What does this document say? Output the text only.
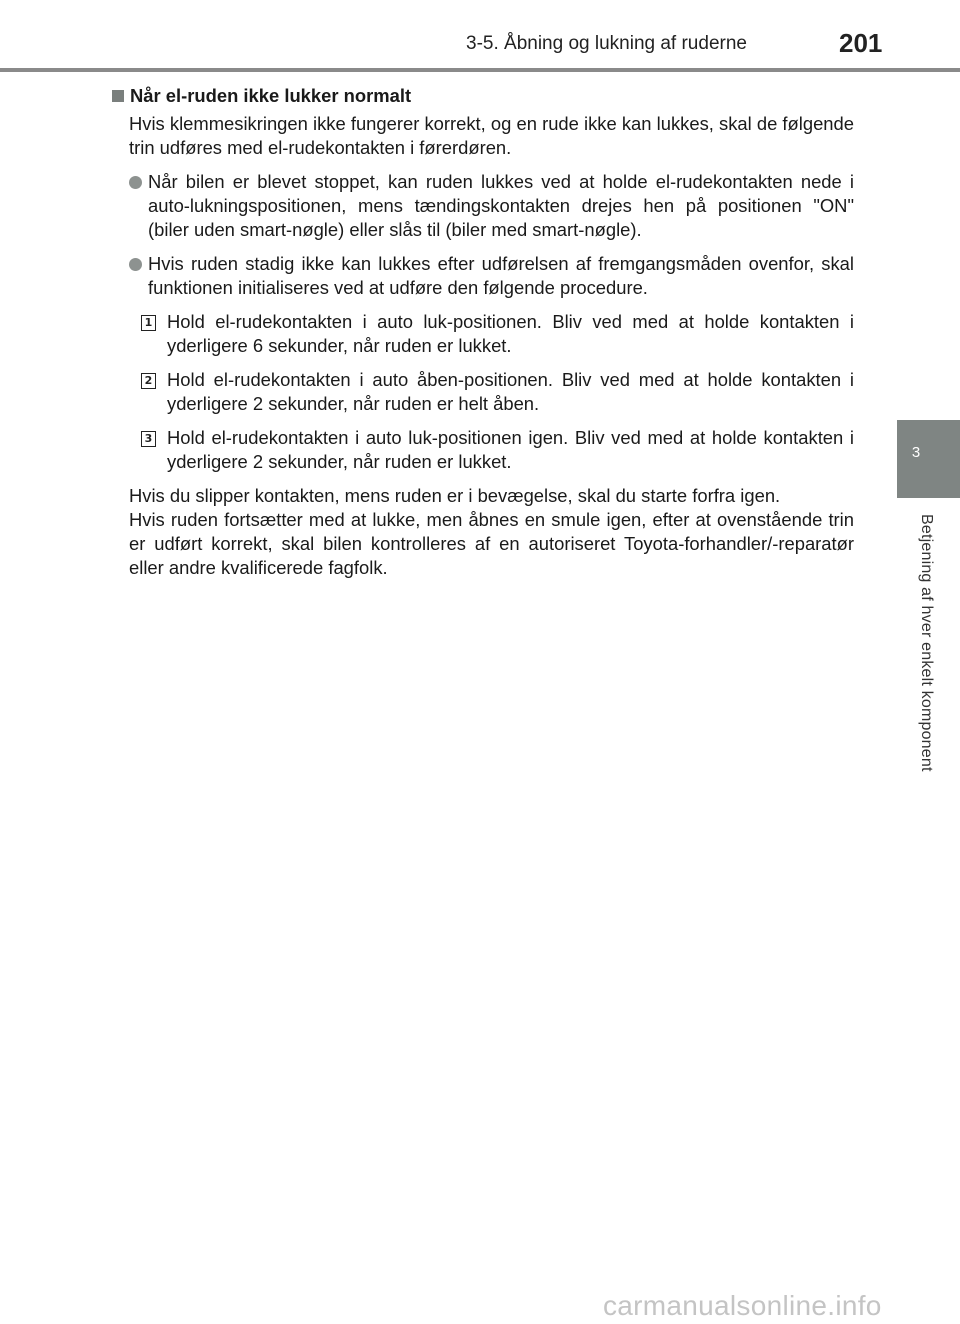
3-5. Åbning og lukning af ruderne	201
3
Betjening af hver enkelt komponent
Når el-ruden ikke lukker normalt

Hvis klemmesikringen ikke fungerer korrekt, og en rude ikke kan lukkes, skal de følgende trin udføres med el-rudekontakten i førerdøren.

Når bilen er blevet stoppet, kan ruden lukkes ved at holde el-rudekontakten nede i auto-lukningspositionen, mens tændingskontakten drejes hen på positionen "ON" (biler uden smart-nøgle) eller slås til (biler med smart-nøgle).
Hvis ruden stadig ikke kan lukkes efter udførelsen af fremgangsmåden ovenfor, skal funktionen initialiseres ved at udføre den følgende procedure.
1 Hold el-rudekontakten i auto luk-positionen. Bliv ved med at holde kontakten i yderligere 6 sekunder, når ruden er lukket.
2 Hold el-rudekontakten i auto åben-positionen. Bliv ved med at holde kontakten i yderligere 2 sekunder, når ruden er helt åben.
3 Hold el-rudekontakten i auto luk-positionen igen. Bliv ved med at holde kontakten i yderligere 2 sekunder, når ruden er lukket.
Hvis du slipper kontakten, mens ruden er i bevægelse, skal du starte forfra igen.
Hvis ruden fortsætter med at lukke, men åbnes en smule igen, efter at ovenstående trin er udført korrekt, skal bilen kontrolleres af en autoriseret Toyota-forhandler/-reparatør eller andre kvalificerede fagfolk.
carmanualsonline.info
